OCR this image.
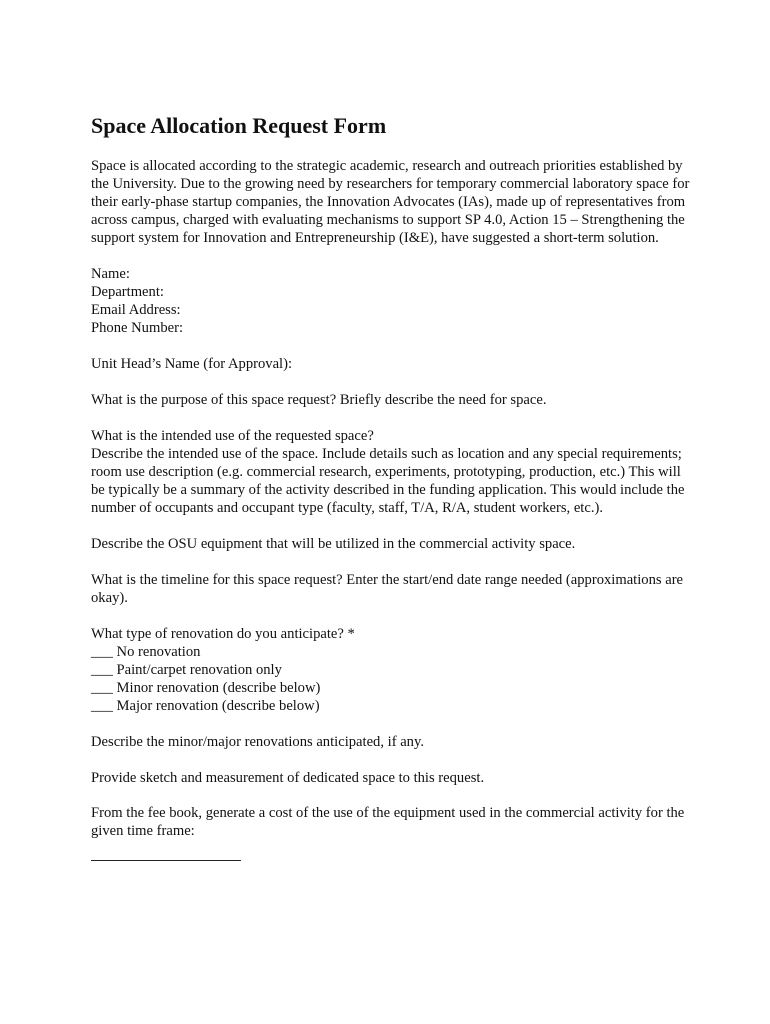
Space Allocation Request Form

Space is allocated according to the strategic academic, research and outreach priorities established by the University. Due to the growing need by researchers for temporary commercial laboratory space for their early-phase startup companies, the Innovation Advocates (IAs), made up of representatives from across campus, charged with evaluating mechanisms to support SP 4.0, Action 15 – Strengthening the support system for Innovation and Entrepreneurship (I&E), have suggested a short-term solution.

Name:
Department:
Email Address:
Phone Number:
Unit Head’s Name (for Approval):

What is the purpose of this space request? Briefly describe the need for space.

What is the intended use of the requested space?

Describe the intended use of the space. Include details such as location and any special requirements; room use description (e.g. commercial research, experiments, prototyping, production, etc.) This will be typically be a summary of the activity described in the funding application. This would include the number of occupants and occupant type (faculty, staff, T/A, R/A, student workers, etc.).

Describe the OSU equipment that will be utilized in the commercial activity space.

What is the timeline for this space request? Enter the start/end date range needed (approximations are okay).

What type of renovation do you anticipate? *

___ No renovation
___ Paint/carpet renovation only
___ Minor renovation (describe below)
___ Major renovation (describe below)

Describe the minor/major renovations anticipated, if any.

Provide sketch and measurement of dedicated space to this request.

From the fee book, generate a cost of the use of the equipment used in the commercial activity for the given time frame:
